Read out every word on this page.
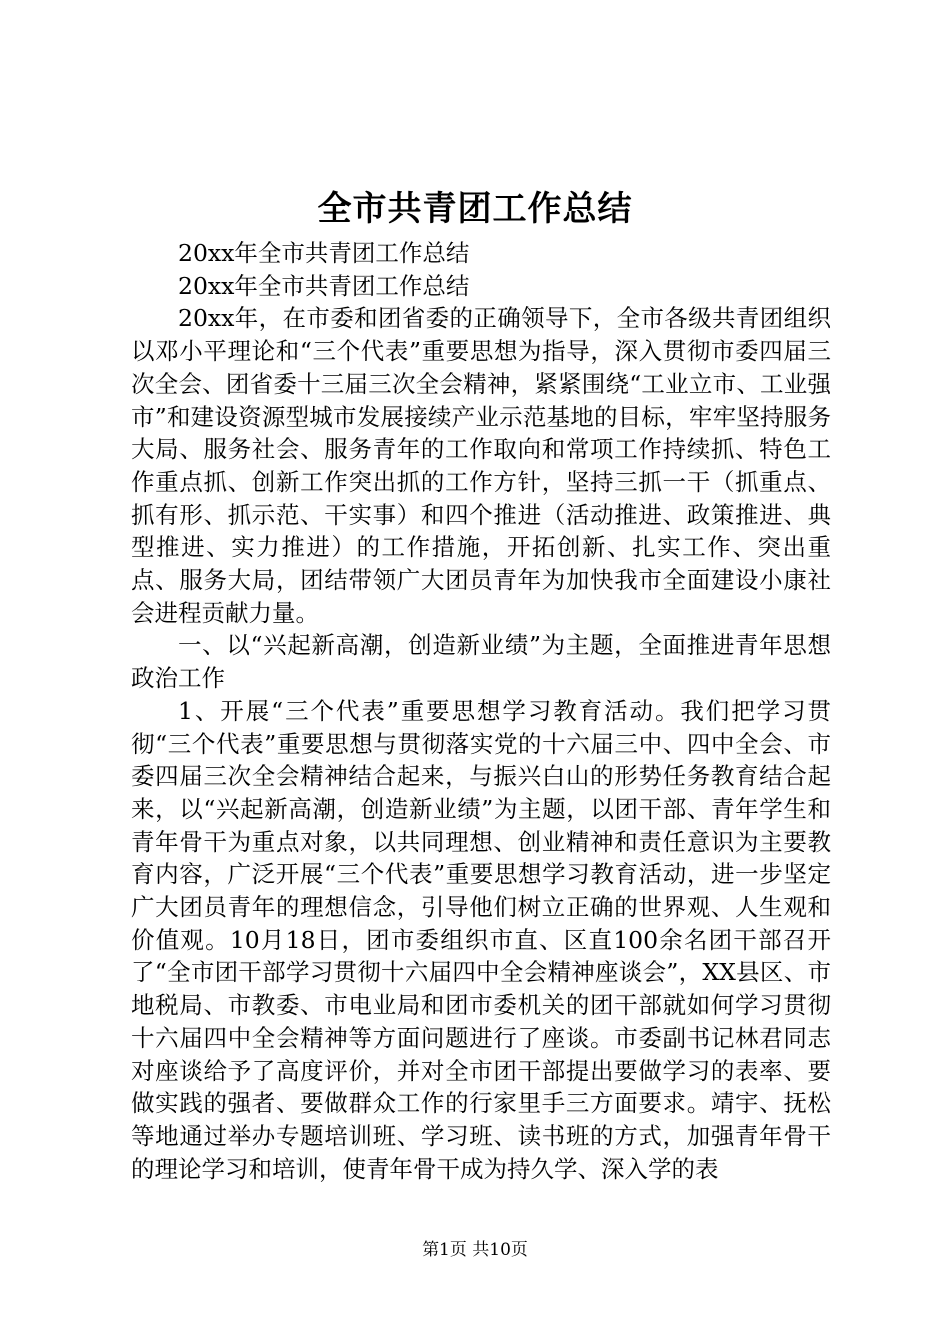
全市共青团工作总结

20xx年全市共青团工作总结

20xx年全市共青团工作总结

20xx年，在市委和团省委的正确领导下，全市各级共青团组织以邓小平理论和“三个代表”重要思想为指导，深入贯彻市委四届三次全会、团省委十三届三次全会精神，紧紧围绕“工业立市、工业强市”和建设资源型城市发展接续产业示范基地的目标，牢牢坚持服务大局、服务社会、服务青年的工作取向和常项工作持续抓、特色工作重点抓、创新工作突出抓的工作方针，坚持三抓一干（抓重点、抓有形、抓示范、干实事）和四个推进（活动推进、政策推进、典型推进、实力推进）的工作措施，开拓创新、扎实工作、突出重点、服务大局，团结带领广大团员青年为加快我市全面建设小康社会进程贡献力量。

一、以“兴起新高潮，创造新业绩”为主题，全面推进青年思想政治工作

1、开展“三个代表”重要思想学习教育活动。我们把学习贯彻“三个代表”重要思想与贯彻落实党的十六届三中、四中全会、市委四届三次全会精神结合起来，与振兴白山的形势任务教育结合起来，以“兴起新高潮，创造新业绩”为主题，以团干部、青年学生和青年骨干为重点对象，以共同理想、创业精神和责任意识为主要教育内容，广泛开展“三个代表”重要思想学习教育活动，进一步坚定广大团员青年的理想信念，引导他们树立正确的世界观、人生观和价值观。10月18日，团市委组织市直、区直100余名团干部召开了“全市团干部学习贯彻十六届四中全会精神座谈会”，XX县区、市地税局、市教委、市电业局和团市委机关的团干部就如何学习贯彻十六届四中全会精神等方面问题进行了座谈。市委副书记林君同志对座谈给予了高度评价，并对全市团干部提出要做学习的表率、要做实践的强者、要做群众工作的行家里手三方面要求。靖宇、抚松等地通过举办专题培训班、学习班、读书班的方式，加强青年骨干的理论学习和培训，使青年骨干成为持久学、深入学的表

第1页 共10页
